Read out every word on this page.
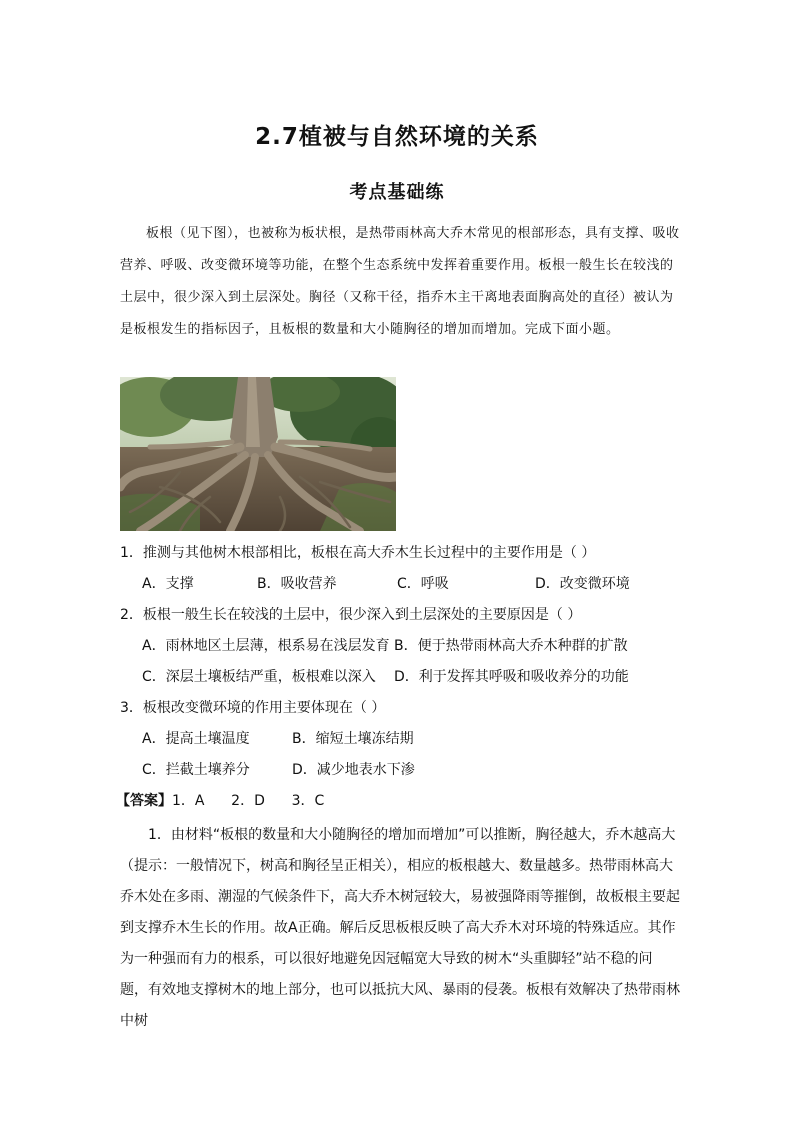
2.7植被与自然环境的关系
考点基础练

板根（见下图），也被称为板状根，是热带雨林高大乔木常见的根部形态，具有支撑、吸收营养、呼吸、改变微环境等功能，在整个生态系统中发挥着重要作用。板根一般生长在较浅的土层中，很少深入到土层深处。胸径（又称干径，指乔木主干离地表面胸高处的直径）被认为是板根发生的指标因子，且板根的数量和大小随胸径的增加而增加。完成下面小题。

1．推测与其他树木根部相比，板根在高大乔木生长过程中的主要作用是（ ）
A．支撑	B．吸收营养	C．呼吸	D．改变微环境
2．板根一般生长在较浅的土层中，很少深入到土层深处的主要原因是（ ）
A．雨林地区土层薄，根系易在浅层发育 B．便于热带雨林高大乔木种群的扩散
C．深层土壤板结严重，板根难以深入 D．利于发挥其呼吸和吸收养分的功能
3．板根改变微环境的作用主要体现在（ ）
A．提高土壤温度	B．缩短土壤冻结期
C．拦截土壤养分	D．减少地表水下渗
【答案】1．A      2．D      3．C

1．由材料“板根的数量和大小随胸径的增加而增加”可以推断，胸径越大，乔木越高大（提示：一般情况下，树高和胸径呈正相关），相应的板根越大、数量越多。热带雨林高大乔木处在多雨、潮湿的气候条件下，高大乔木树冠较大，易被强降雨等摧倒，故板根主要起到支撑乔木生长的作用。故A正确。解后反思板根反映了高大乔木对环境的特殊适应。其作为一种强而有力的根系，可以很好地避免因冠幅宽大导致的树木“头重脚轻”站不稳的问题，有效地支撑树木的地上部分，也可以抵抗大风、暴雨的侵袭。板根有效解决了热带雨林中树
